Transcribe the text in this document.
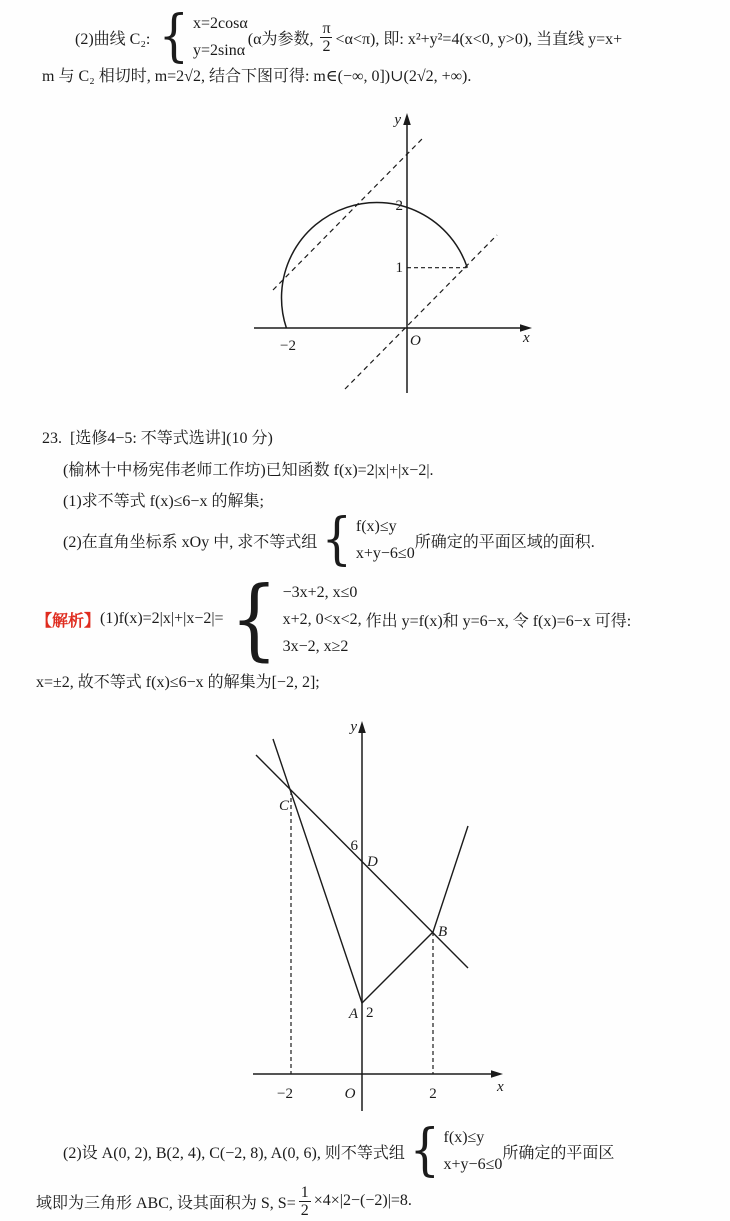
(2)曲线 C₂: { x=2cosα
y=2sinα
(α为参数, $\frac{\pi}{2} <\alpha<\pi$), 即: x²+y²=4(x<0, y>0), 当直线 y=x+
m 与 C₂ 相切时, m=2√2, 结合下图可得: m∈(−∞, 0])∪(2√2, +∞).
y
x
O
2
1
−2
23.  [选修4−5: 不等式选讲](10 分)
(榆林十中杨宪伟老师工作坊)已知函数 f(x)=2|x|+|x−2|.
(1)求不等式 f(x)≤6−x 的解集;
(2)在直角坐标系 xOy 中, 求不等式组 { f(x)≤y
x+y−6≤0
所确定的平面区域的面积.
【解析】 (1)f(x)=2|x|+|x−2|= { −3x+2, x≤0
x+2, 0<x<2,
3x−2, x≥2
作出 y=f(x)和 y=6−x, 令 f(x)=6−x 可得:
x=±2, 故不等式 f(x)≤6−x 的解集为[−2, 2];
y
x
C
6
D
A 2
B
−2	O	2
(2)设 A(0, 2), B(2, 4), C(−2, 8), A(0, 6), 则不等式组 { f(x)≤y
x+y−6≤0
所确定的平面区
域即为三角形 ABC, 设其面积为 S, $S= \frac{1}{2} \times 4\times|2-(-2)|=8$.
